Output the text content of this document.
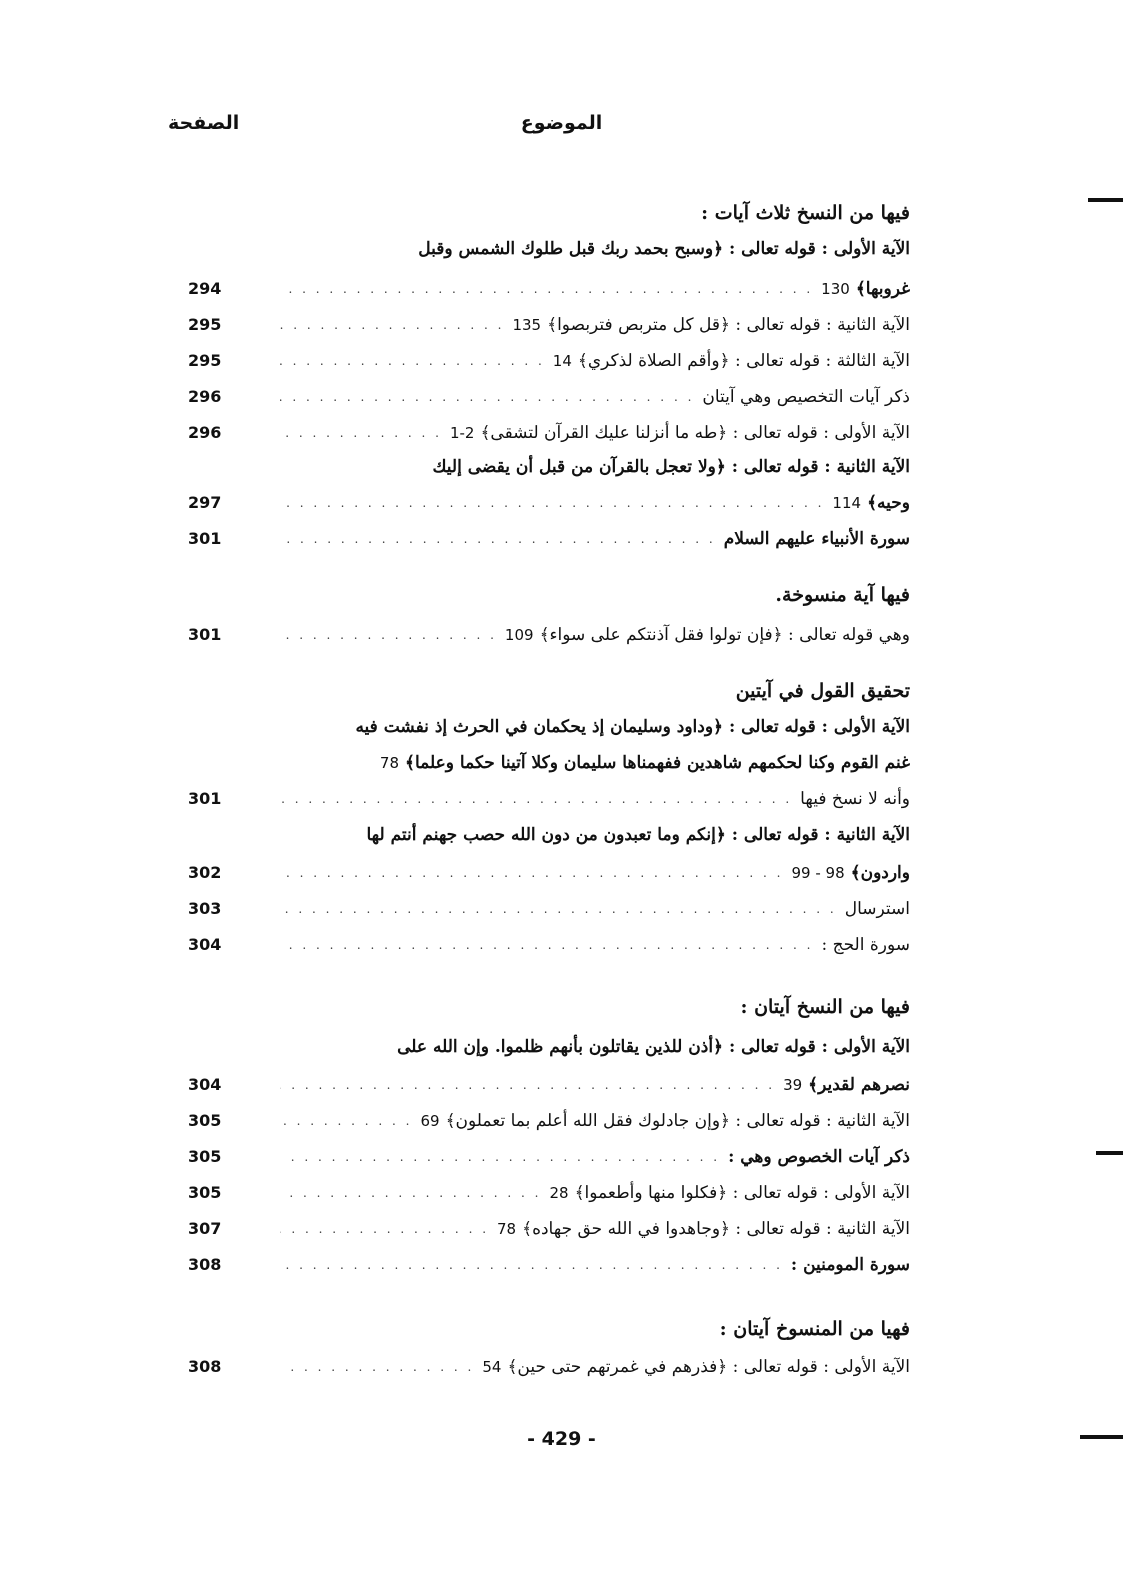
الموضوع
الصفحة
فيها من النسخ ثلاث آيات :
الآية الأولى : قوله تعالى : ﴿وسبح بحمد ربك قبل طلوك الشمس وقبل
غروبها﴾
130
. . .
294
الآية الثانية : قوله تعالى : ﴿قل كل متربص فتربصوا﴾
135
. . .
295
الآية الثالثة : قوله تعالى : ﴿وأقم الصلاة لذكري﴾
14
. . .
295
ذكر آيات التخصيص وهي آيتان
. . .
296
الآية الأولى : قوله تعالى : ﴿طه ما أنزلنا عليك القرآن لتشقى﴾
1-2
. . .
296
الآية الثانية : قوله تعالى : ﴿ولا تعجل بالقرآن من قبل أن يقضى إليك
وحيه﴾
114
. . .
297
سورة الأنبياء عليهم السلام
. . .
301
فيها آية منسوخة.
وهي قوله تعالى : ﴿فإن تولوا فقل آذنتكم على سواء﴾
109
. . .
301
تحقيق القول في آيتين
الآية الأولى : قوله تعالى : ﴿وداود وسليمان إذ يحكمان في الحرث إذ نفشت فيه
غنم القوم وكنا لحكمهم شاهدين ففهمناها سليمان وكلا آتينا حكما وعلما﴾
78
وأنه لا نسخ فيها
. . .
301
الآية الثانية : قوله تعالى : ﴿إنكم وما تعبدون من دون الله حصب جهنم أنتم لها
واردون﴾
98 - 99
. . .
302
استرسال
. . .
303
سورة الحج :
. . .
304
فيها من النسخ آيتان :
الآية الأولى : قوله تعالى : ﴿أذن للذين يقاتلون بأنهم ظلموا. وإن الله على
نصرهم لقدير﴾
39
. . .
304
الآية الثانية : قوله تعالى : ﴿وإن جادلوك فقل الله أعلم بما تعملون﴾
69
. . .
305
ذكر آيات الخصوص وهي :
. . .
305
الآية الأولى : قوله تعالى : ﴿فكلوا منها وأطعموا﴾
28
. . .
305
الآية الثانية : قوله تعالى : ﴿وجاهدوا في الله حق جهاده﴾
78
. . .
307
سورة المومنين :
. . .
308
فهيا من المنسوخ آيتان :
الآية الأولى : قوله تعالى : ﴿فذرهم في غمرتهم حتى حين﴾
54
. . .
308
- 429 -
